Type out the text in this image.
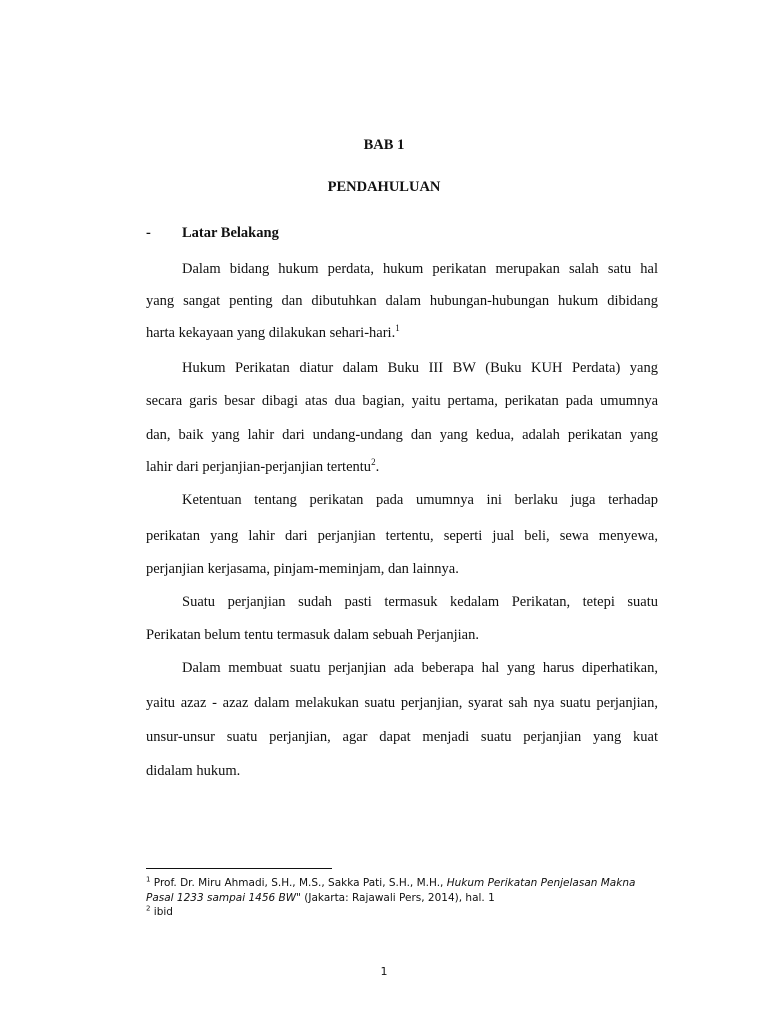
BAB 1
PENDAHULUAN
- Latar Belakang
Dalam bidang hukum perdata, hukum perikatan merupakan salah satu hal
yang sangat penting dan dibutuhkan dalam hubungan-hubungan hukum dibidang
harta kekayaan yang dilakukan sehari-hari.$^1$
Hukum Perikatan diatur dalam Buku III BW (Buku KUH Perdata) yang
secara garis besar dibagi atas dua bagian, yaitu pertama, perikatan pada umumnya
dan, baik yang lahir dari undang-undang dan yang kedua, adalah perikatan yang
lahir dari perjanjian-perjanjian tertentu$^2$.
Ketentuan tentang perikatan pada umumnya ini berlaku juga terhadap
perikatan yang lahir dari perjanjian tertentu, seperti jual beli, sewa menyewa,
perjanjian kerjasama, pinjam-meminjam, dan lainnya.
Suatu perjanjian sudah pasti termasuk kedalam Perikatan, tetepi suatu
Perikatan belum tentu termasuk dalam sebuah Perjanjian.
Dalam membuat suatu perjanjian ada beberapa hal yang harus diperhatikan,
yaitu azaz - azaz dalam melakukan suatu perjanjian, syarat sah nya suatu perjanjian,
unsur-unsur suatu perjanjian, agar dapat menjadi suatu perjanjian yang kuat
didalam hukum.
$^1$ Prof. Dr. Miru Ahmadi, S.H., M.S., Sakka Pati, S.H., M.H., Hukum Perikatan Penjelasan Makna
Pasal 1233 sampai 1456 BW" (Jakarta: Rajawali Pers, 2014), hal. 1
$^2$ ibid
1
